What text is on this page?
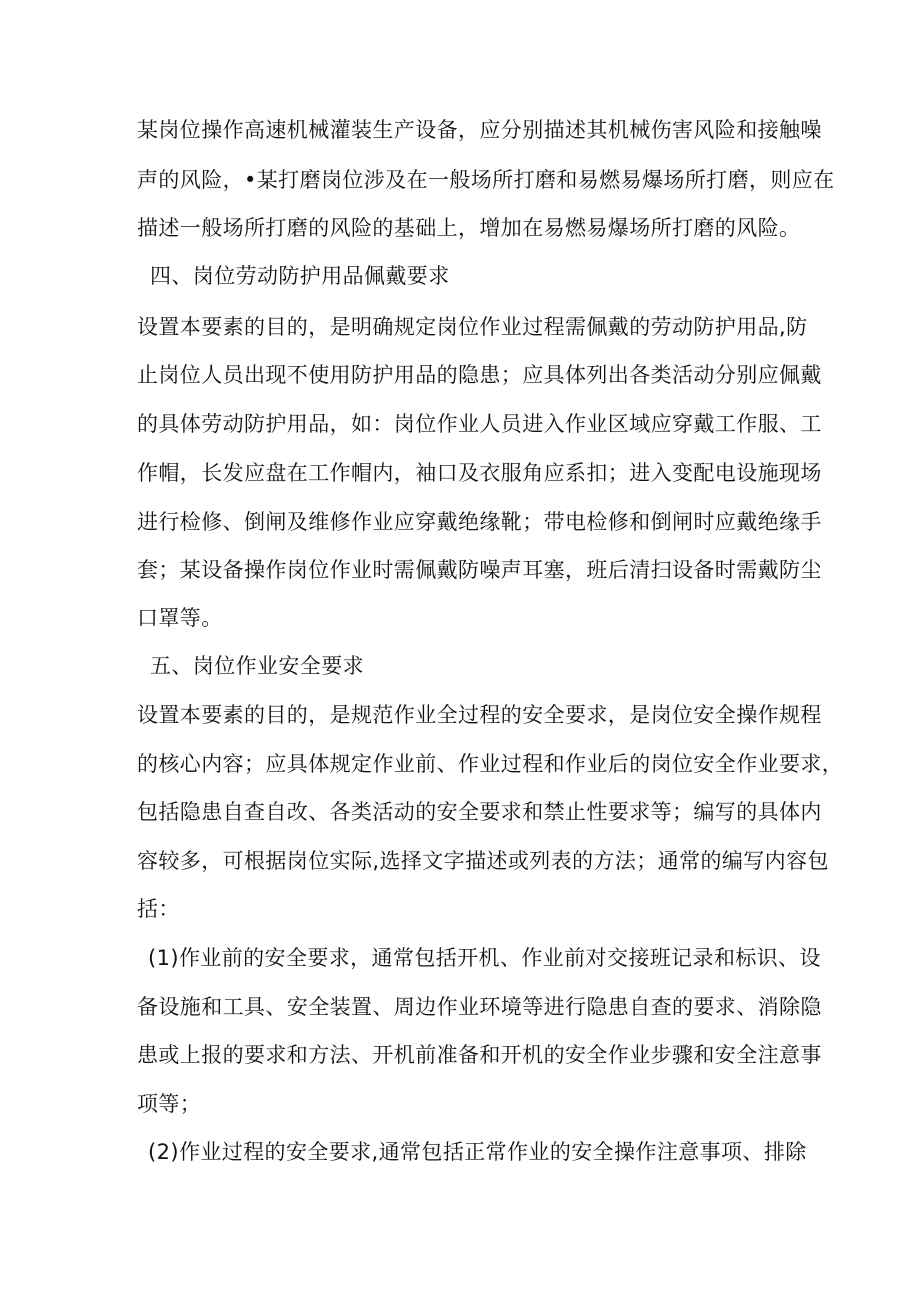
某岗位操作高速机械灌装生产设备，应分别描述其机械伤害风险和接触噪
声的风险，•某打磨岗位涉及在一般场所打磨和易燃易爆场所打磨，则应在
描述一般场所打磨的风险的基础上，增加在易燃易爆场所打磨的风险。
四、岗位劳动防护用品佩戴要求
设置本要素的目的，是明确规定岗位作业过程需佩戴的劳动防护用品,防
止岗位人员出现不使用防护用品的隐患；应具体列出各类活动分别应佩戴
的具体劳动防护用品，如：岗位作业人员进入作业区域应穿戴工作服、工
作帽，长发应盘在工作帽内，袖口及衣服角应系扣；进入变配电设施现场
进行检修、倒闸及维修作业应穿戴绝缘靴；带电检修和倒闸时应戴绝缘手
套；某设备操作岗位作业时需佩戴防噪声耳塞，班后清扫设备时需戴防尘
口罩等。
五、岗位作业安全要求
设置本要素的目的，是规范作业全过程的安全要求，是岗位安全操作规程
的核心内容；应具体规定作业前、作业过程和作业后的岗位安全作业要求，
包括隐患自查自改、各类活动的安全要求和禁止性要求等；编写的具体内
容较多，可根据岗位实际,选择文字描述或列表的方法；通常的编写内容包
括：
(1)作业前的安全要求，通常包括开机、作业前对交接班记录和标识、设
备设施和工具、安全装置、周边作业环境等进行隐患自查的要求、消除隐
患或上报的要求和方法、开机前准备和开机的安全作业步骤和安全注意事
项等；
(2)作业过程的安全要求,通常包括正常作业的安全操作注意事项、排除
